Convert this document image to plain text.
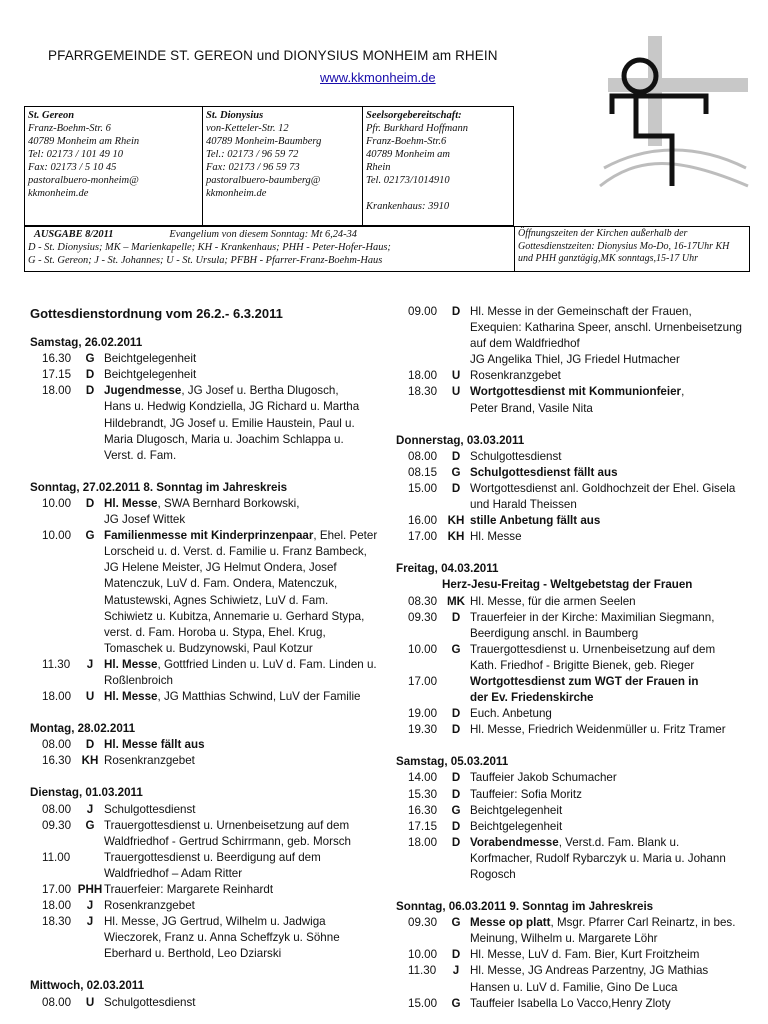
PFARRGEMEINDE ST. GEREON und DIONYSIUS MONHEIM am RHEIN
www.kkmonheim.de
St. Gereon
Franz-Boehm-Str. 6
40789 Monheim am Rhein
Tel: 02173 / 101 49 10
Fax: 02173 / 5 10 45
pastoralbuero-monheim@
kkmonheim.de
St. Dionysius
von-Ketteler-Str. 12
40789 Monheim-Baumberg
Tel.: 02173 / 96 59 72
Fax: 02173 / 96 59 73
pastoralbuero-baumberg@
kkmonheim.de
Seelsorgebereitschaft:
Pfr. Burkhard Hoffmann
Franz-Boehm-Str.6
40789 Monheim am
Rhein
Tel. 02173/1014910
Krankenhaus: 3910
AUSGABE 8/2011	Evangelium von diesem Sonntag: Mt 6,24-34
D - St. Dionysius; MK – Marienkapelle; KH - Krankenhaus; PHH - Peter-Hofer-Haus;
G - St. Gereon; J - St. Johannes; U - St. Ursula; PFBH - Pfarrer-Franz-Boehm-Haus
Öffnungszeiten der Kirchen außerhalb der Gottesdienstzeiten: Dionysius Mo-Do, 16-17Uhr KH und PHH ganztägig,MK sonntags,15-17 Uhr
Gottesdienstordnung vom 26.2.- 6.3.2011
Samstag, 26.02.2011
16.30	G Beichtgelegenheit
17.15	D Beichtgelegenheit
18.00	D Jugendmesse, JG Josef u. Bertha Dlugosch,
Hans u. Hedwig Kondziella, JG Richard u. Martha
Hildebrandt, JG Josef u. Emilie Haustein, Paul u.
Maria Dlugosch, Maria u. Joachim Schlappa u.
Verst. d. Fam.
Sonntag, 27.02.2011 8. Sonntag im Jahreskreis
10.00	D Hl. Messe, SWA Bernhard Borkowski,
JG Josef Wittek
10.00	G Familienmesse mit Kinderprinzenpaar, Ehel. Peter
Lorscheid u. d. Verst. d. Familie u. Franz Bambeck,
JG Helene Meister, JG Helmut Ondera, Josef
Matenczuk, LuV d. Fam. Ondera, Matenczuk,
Matustewski, Agnes Schiwietz, LuV d. Fam.
Schiwietz u. Kubitza, Annemarie u. Gerhard Stypa,
verst. d. Fam. Horoba u. Stypa, Ehel. Krug,
Tomaschek u. Budzynowski, Paul Kotzur
11.30	J Hl. Messe, Gottfried Linden u. LuV d. Fam. Linden u.
Roßlenbroich
18.00	U Hl. Messe, JG Matthias Schwind, LuV der Familie
Montag, 28.02.2011
08.00	D Hl. Messe fällt aus
16.30 KH Rosenkranzgebet
Dienstag, 01.03.2011
08.00	J Schulgottesdienst
09.30	G Trauergottesdienst u. Urnenbeisetzung auf dem
Waldfriedhof - Gertrud Schirrmann, geb. Morsch
11.00	Trauergottesdienst u. Beerdigung auf dem
Waldfriedhof – Adam Ritter
17.00 PHH Trauerfeier: Margarete Reinhardt
18.00	J Rosenkranzgebet
18.30	J Hl. Messe, JG Gertrud, Wilhelm u. Jadwiga
Wieczorek, Franz u. Anna Scheffzyk u. Söhne
Eberhard u. Berthold, Leo Dziarski
Mittwoch, 02.03.2011
08.00	U Schulgottesdienst
09.00	D Hl. Messe in der Gemeinschaft der Frauen,
Exequien: Katharina Speer, anschl. Urnenbeisetzung
auf dem Waldfriedhof
JG Angelika Thiel, JG Friedel Hutmacher
18.00	U Rosenkranzgebet
18.30	U Wortgottesdienst mit Kommunionfeier,
Peter Brand, Vasile Nita
Donnerstag, 03.03.2011
08.00	D Schulgottesdienst
08.15	G Schulgottesdienst fällt aus
15.00	D Wortgottesdienst anl. Goldhochzeit der Ehel. Gisela
und Harald Theissen
16.00 KH stille Anbetung fällt aus
17.00 KH Hl. Messe
Freitag, 04.03.2011
Herz-Jesu-Freitag - Weltgebetstag der Frauen
08.30 MK Hl. Messe, für die armen Seelen
09.30	D Trauerfeier in der Kirche: Maximilian Siegmann,
Beerdigung anschl. in Baumberg
10.00	G Trauergottesdienst u. Urnenbeisetzung auf dem
Kath. Friedhof - Brigitte Bienek, geb. Rieger
17.00	Wortgottesdienst zum WGT der Frauen in
der Ev. Friedenskirche
19.00	D Euch. Anbetung
19.30	D Hl. Messe, Friedrich Weidenmüller u. Fritz Tramer
Samstag, 05.03.2011
14.00	D Tauffeier Jakob Schumacher
15.30	D Tauffeier: Sofia Moritz
16.30	G Beichtgelegenheit
17.15	D Beichtgelegenheit
18.00	D Vorabendmesse, Verst.d. Fam. Blank u.
Korfmacher, Rudolf Rybarczyk u. Maria u. Johann
Rogosch
Sonntag, 06.03.2011 9. Sonntag im Jahreskreis
09.30	G Messe op platt, Msgr. Pfarrer Carl Reinartz, in bes.
Meinung, Wilhelm u. Margarete Löhr
10.00	D Hl. Messe, LuV d. Fam. Bier, Kurt Froitzheim
11.30	J Hl. Messe, JG Andreas Parzentny, JG Mathias
Hansen u. LuV d. Familie, Gino De Luca
15.00	G Tauffeier Isabella Lo Vacco,Henry Zloty
